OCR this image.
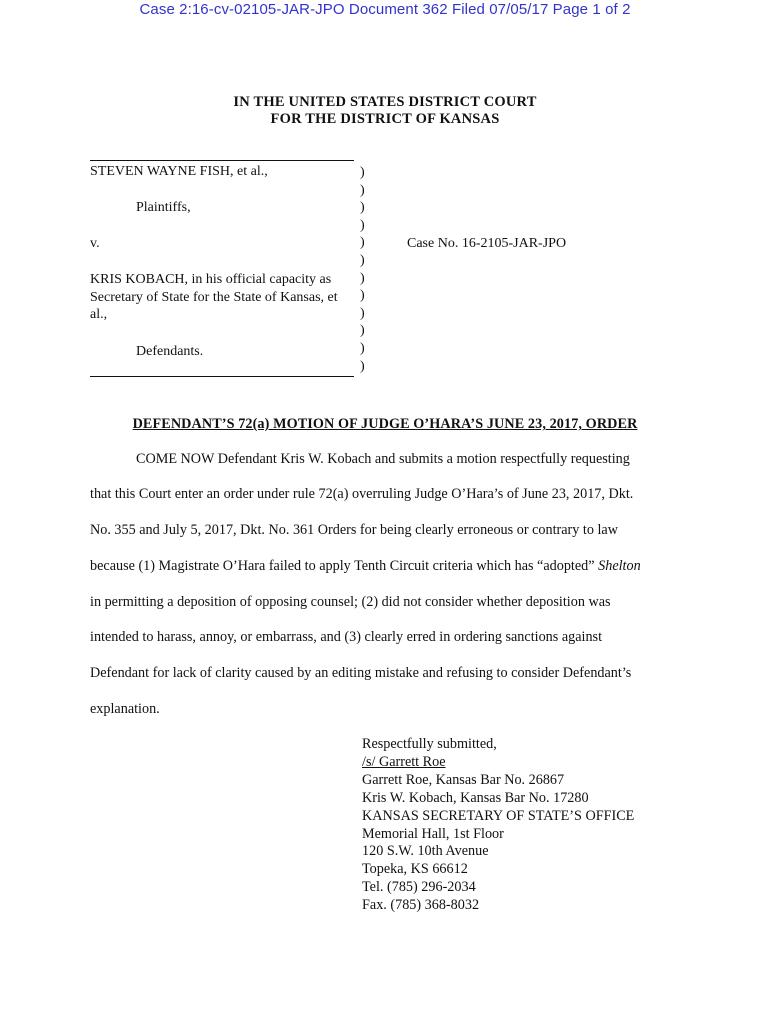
Case 2:16-cv-02105-JAR-JPO Document 362 Filed 07/05/17 Page 1 of 2
IN THE UNITED STATES DISTRICT COURT
FOR THE DISTRICT OF KANSAS
STEVEN WAYNE FISH, et al.,
Plaintiffs,
v.
KRIS KOBACH, in his official capacity as
Secretary of State for the State of Kansas, et
al.,
Defendants.
)
)
)
)
)
)
)
)
)
)
)
)
Case No. 16-2105-JAR-JPO
DEFENDANT’S 72(a) MOTION OF JUDGE O’HARA’S JUNE 23, 2017, ORDER
COME NOW Defendant Kris W. Kobach and submits a motion respectfully requesting
that this Court enter an order under rule 72(a) overruling Judge O’Hara’s of June 23, 2017, Dkt.
No. 355 and July 5, 2017, Dkt. No. 361 Orders for being clearly erroneous or contrary to law
because (1) Magistrate O’Hara failed to apply Tenth Circuit criteria which has “adopted” Shelton
in permitting a deposition of opposing counsel; (2) did not consider whether deposition was
intended to harass, annoy, or embarrass, and (3) clearly erred in ordering sanctions against
Defendant for lack of clarity caused by an editing mistake and refusing to consider Defendant’s
explanation.
Respectfully submitted,
/s/ Garrett Roe
Garrett Roe, Kansas Bar No. 26867
Kris W. Kobach, Kansas Bar No. 17280
KANSAS SECRETARY OF STATE’S OFFICE
Memorial Hall, 1st Floor
120 S.W. 10th Avenue
Topeka, KS 66612
Tel. (785) 296-2034
Fax. (785) 368-8032
